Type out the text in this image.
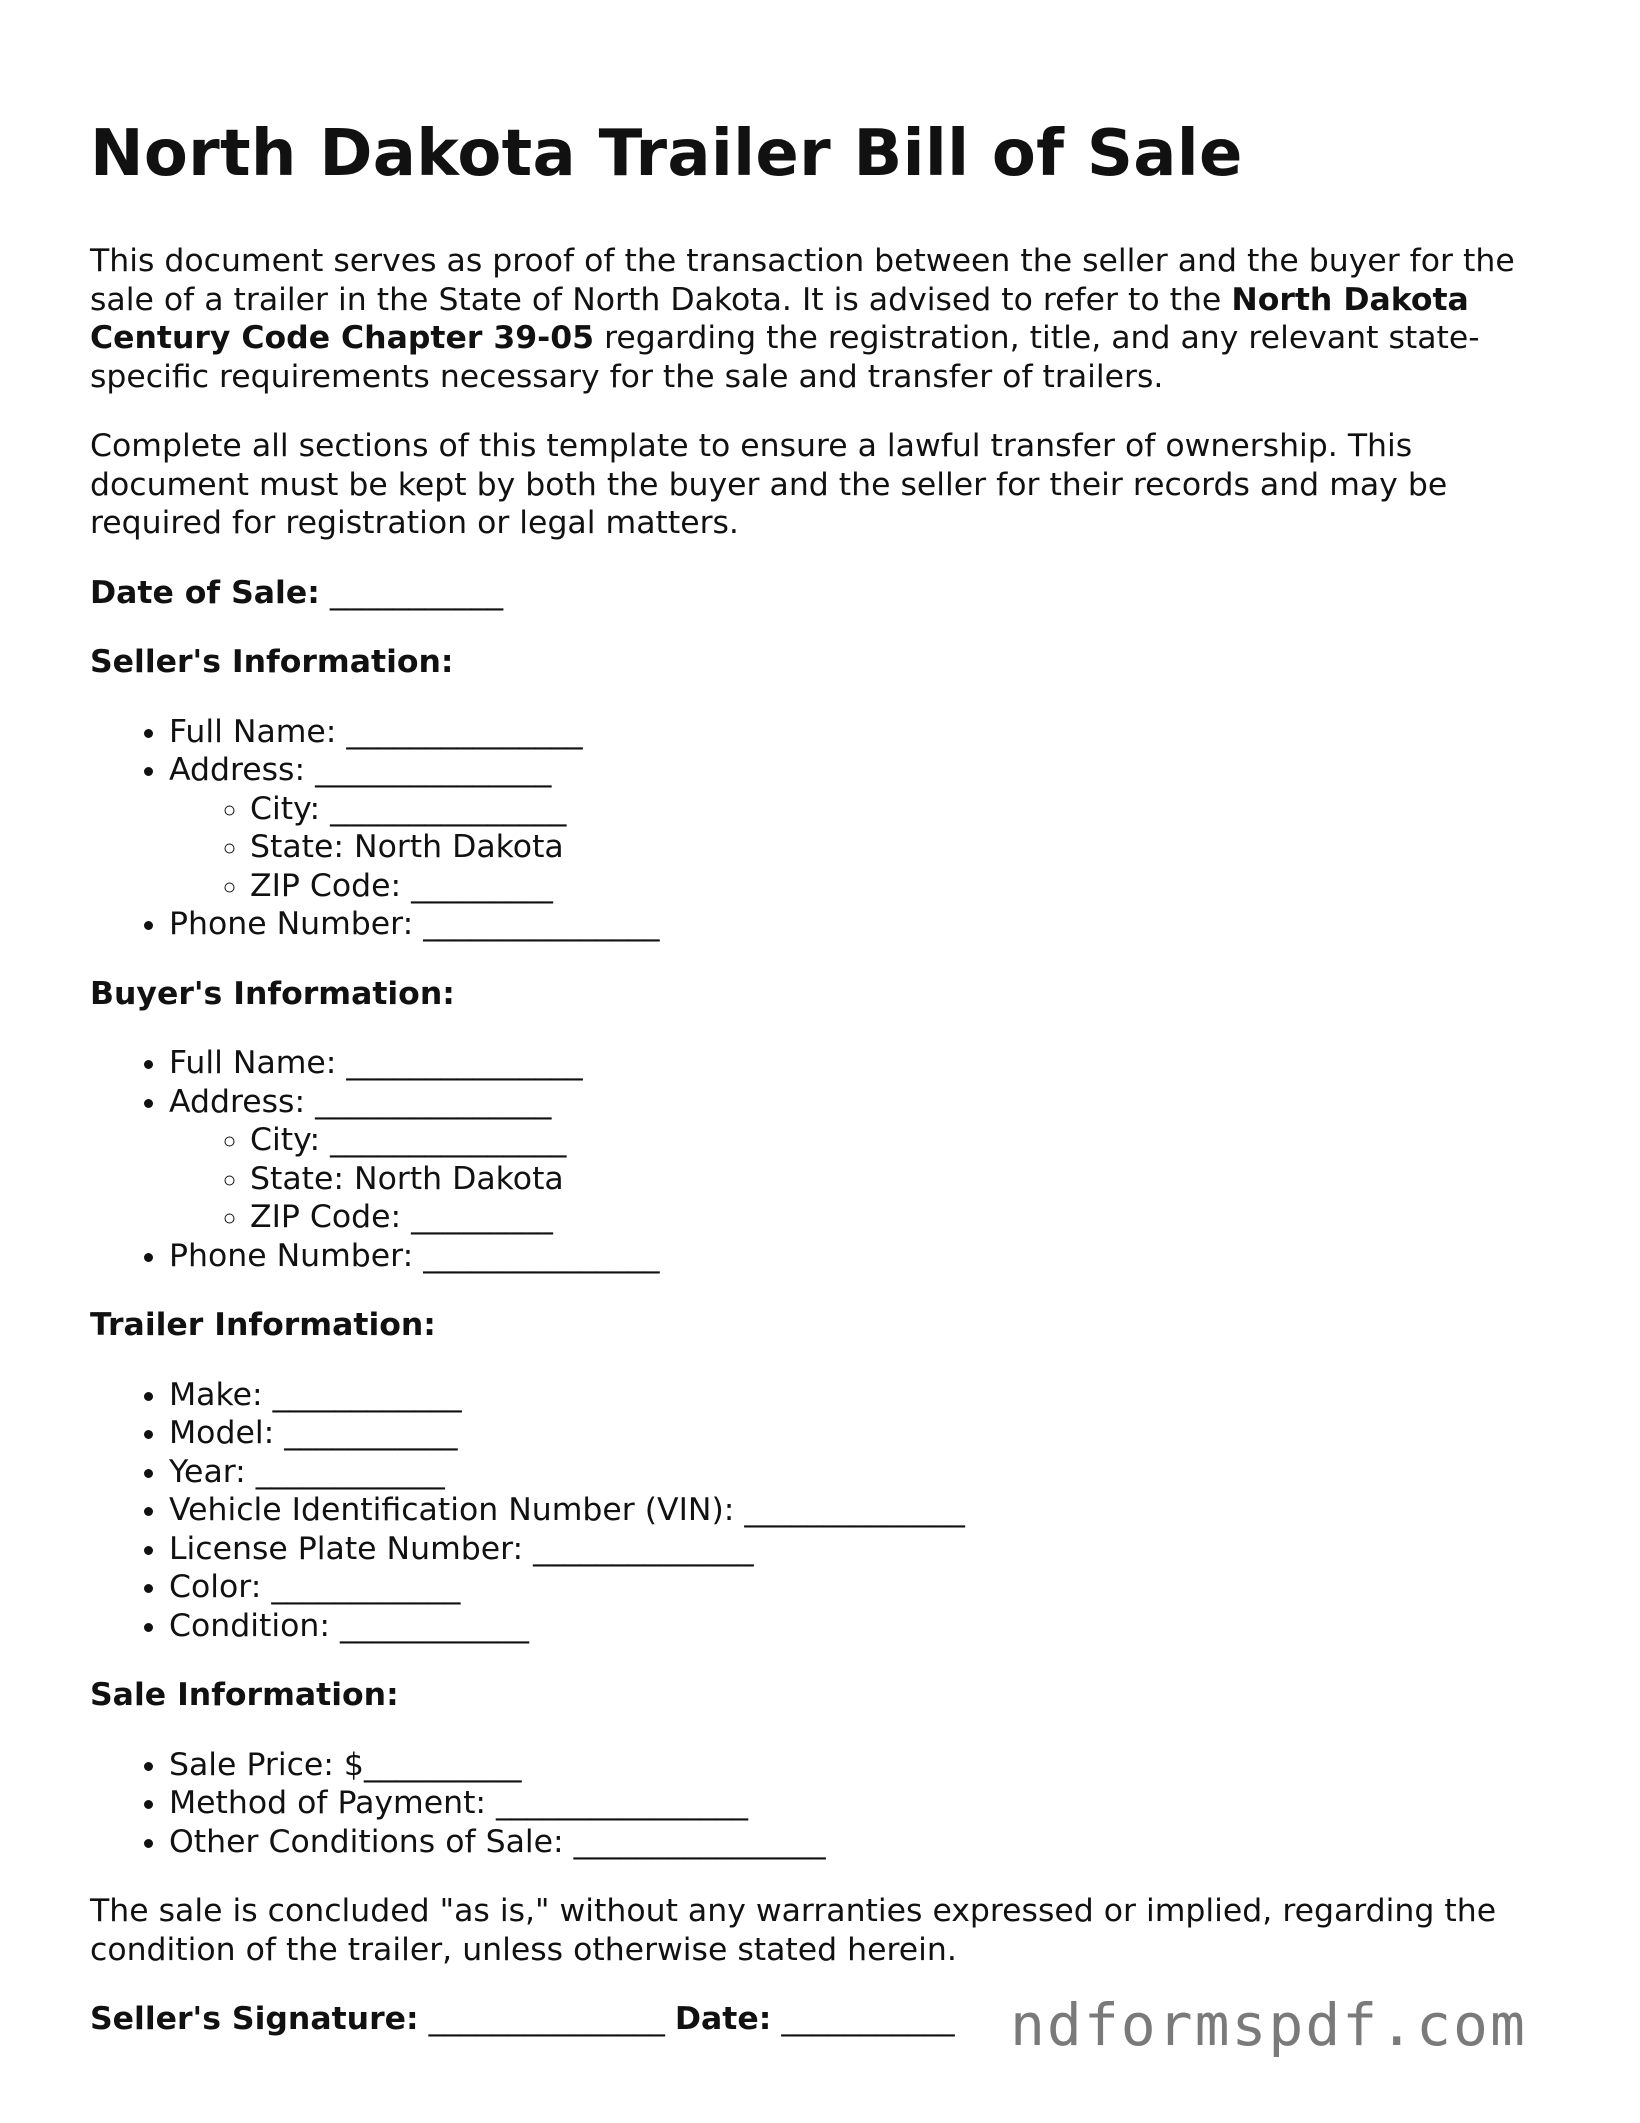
North Dakota Trailer Bill of Sale

This document serves as proof of the transaction between the seller and the buyer for the sale of a trailer in the State of North Dakota. It is advised to refer to the North Dakota Century Code Chapter 39-05 regarding the registration, title, and any relevant state-specific requirements necessary for the sale and transfer of trailers.

Complete all sections of this template to ensure a lawful transfer of ownership. This document must be kept by both the buyer and the seller for their records and may be required for registration or legal matters.

Date of Sale: ___________

Seller's Information:

• Full Name: _______________
• Address: _______________
◦ City: _______________
◦ State: North Dakota
◦ ZIP Code: _________
• Phone Number: _______________

Buyer's Information:

• Full Name: _______________
• Address: _______________
◦ City: _______________
◦ State: North Dakota
◦ ZIP Code: _________
• Phone Number: _______________

Trailer Information:

• Make: ____________
• Model: ___________
• Year: ____________
• Vehicle Identification Number (VIN): ______________
• License Plate Number: ______________
• Color: ____________
• Condition: ____________

Sale Information:

• Sale Price: $__________
• Method of Payment: ________________
• Other Conditions of Sale: ________________

The sale is concluded "as is," without any warranties expressed or implied, regarding the condition of the trailer, unless otherwise stated herein.

Seller's Signature: _______________ Date: ___________ ndformspdf.com
